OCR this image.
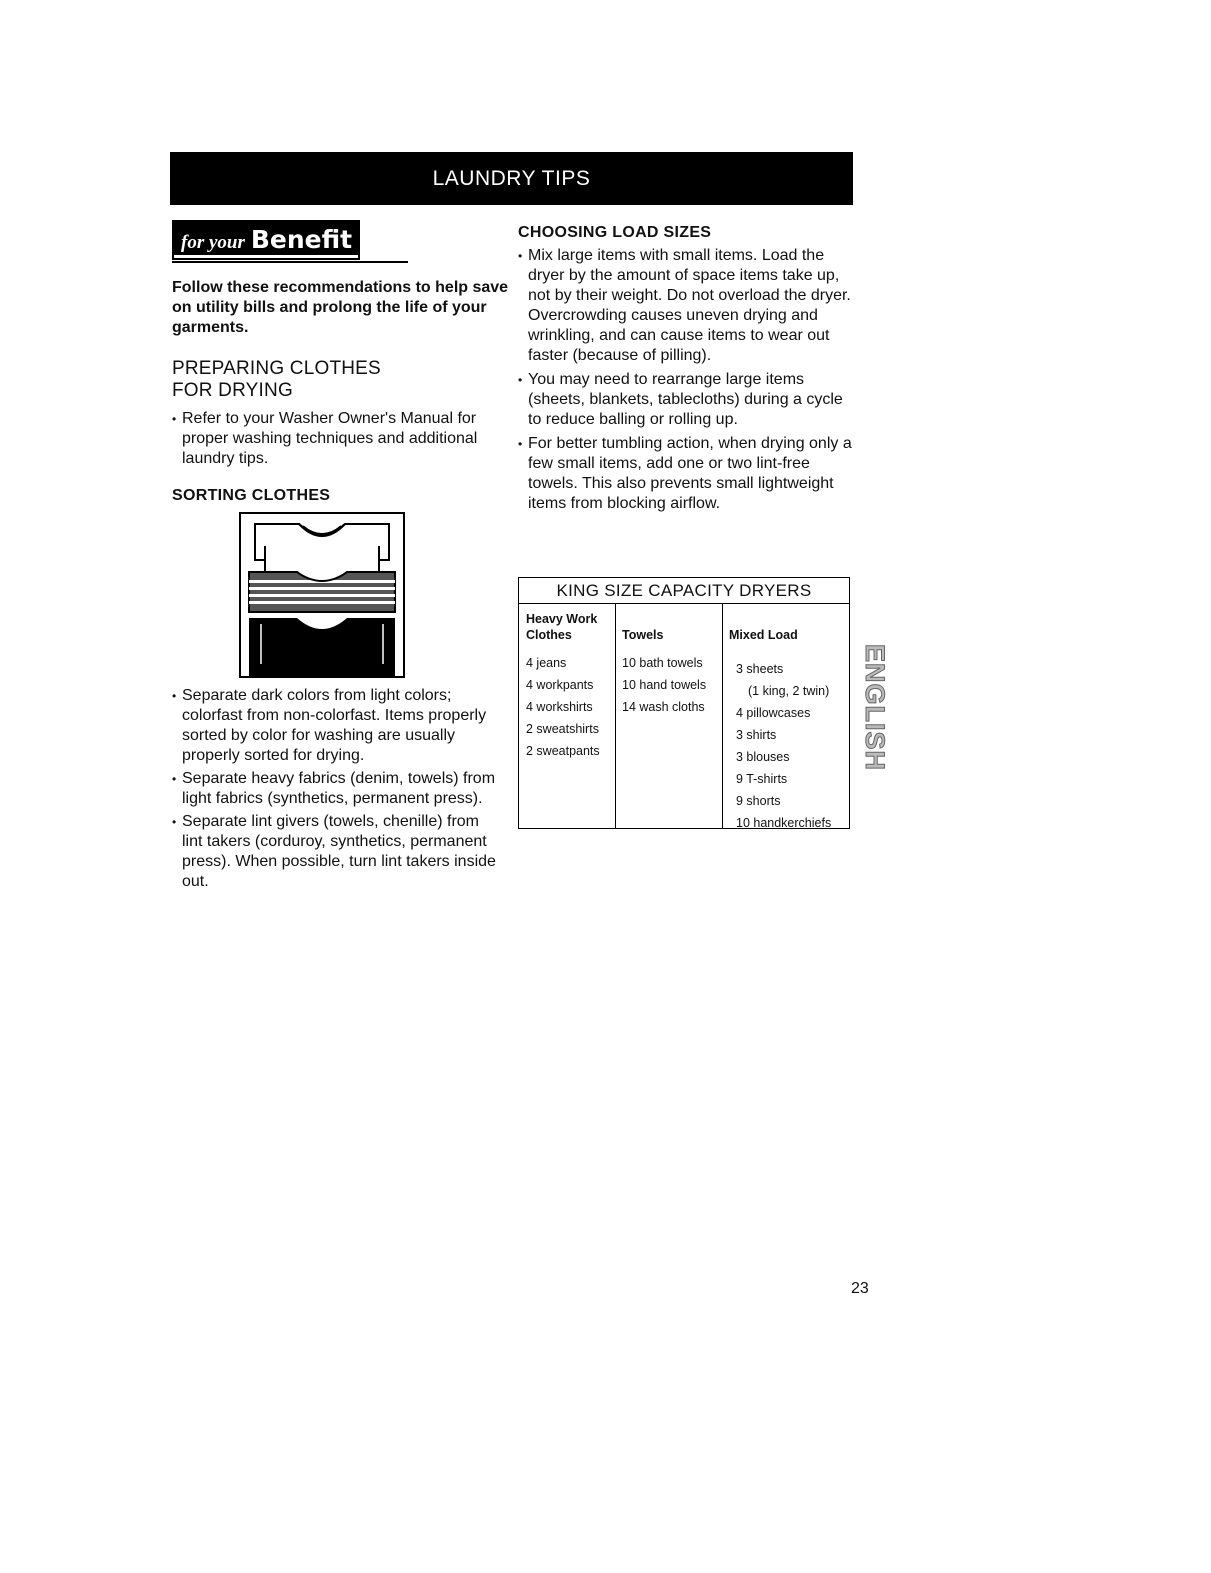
LAUNDRY TIPS
for your Benefit
Follow these recommendations to help save on utility bills and prolong the life of your garments.
PREPARING CLOTHES
FOR DRYING
• Refer to your Washer Owner's Manual for proper washing techniques and additional laundry tips.
SORTING CLOTHES
• Separate dark colors from light colors; colorfast from non-colorfast. Items properly sorted by color for washing are usually properly sorted for drying.
• Separate heavy fabrics (denim, towels) from light fabrics (synthetics, permanent press).
• Separate lint givers (towels, chenille) from lint takers (corduroy, synthetics, permanent press). When possible, turn lint takers inside out.
CHOOSING LOAD SIZES
• Mix large items with small items. Load the dryer by the amount of space items take up, not by their weight. Do not overload the dryer. Overcrowding causes uneven drying and wrinkling, and can cause items to wear out faster (because of pilling).
• You may need to rearrange large items (sheets, blankets, tablecloths) during a cycle to reduce balling or rolling up.
• For better tumbling action, when drying only a few small items, add one or two lint-free towels. This also prevents small lightweight items from blocking airflow.
KING SIZE CAPACITY DRYERS
Heavy Work
Clothes
4 jeans
4 workpants
4 workshirts
2 sweatshirts
2 sweatpants

Towels
10 bath towels
10 hand towels
14 wash cloths

Mixed Load
3 sheets
(1 king, 2 twin)
4 pillowcases
3 shirts
3 blouses
9 T-shirts
9 shorts
10 handkerchiefs
ENGLISH
23
